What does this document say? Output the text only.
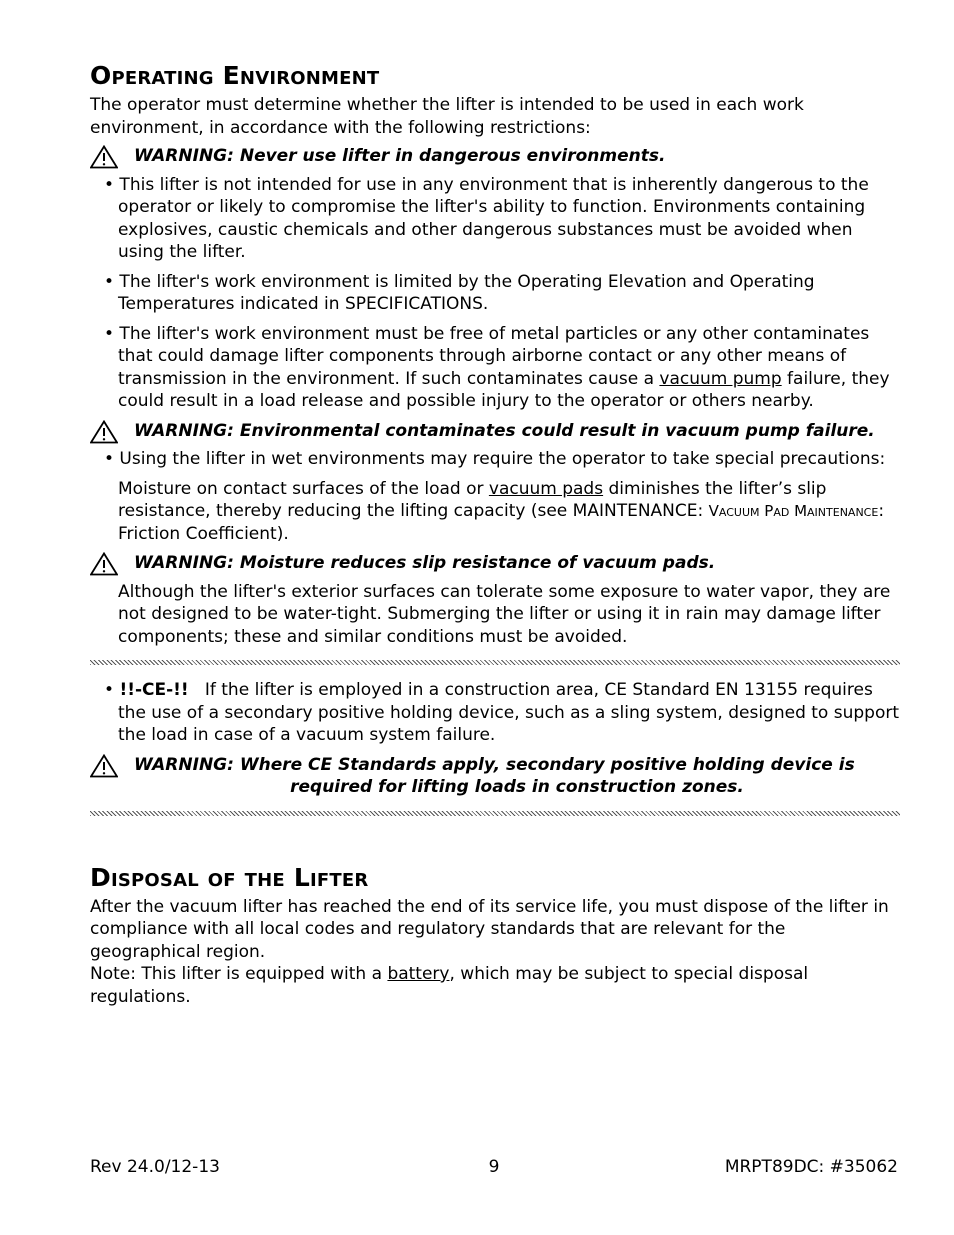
Operating Environment

The operator must determine whether the lifter is intended to be used in each work environment, in accordance with the following restrictions:

WARNING: Never use lifter in dangerous environments.

• This lifter is not intended for use in any environment that is inherently dangerous to the operator or likely to compromise the lifter's ability to function. Environments containing explosives, caustic chemicals and other dangerous substances must be avoided when using the lifter.

• The lifter's work environment is limited by the Operating Elevation and Operating Temperatures indicated in SPECIFICATIONS.

• The lifter's work environment must be free of metal particles or any other contaminates that could damage lifter components through airborne contact or any other means of transmission in the environment. If such contaminates cause a vacuum pump failure, they could result in a load release and possible injury to the operator or others nearby.

WARNING: Environmental contaminates could result in vacuum pump failure.

• Using the lifter in wet environments may require the operator to take special precautions:

Moisture on contact surfaces of the load or vacuum pads diminishes the lifter’s slip resistance, thereby reducing the lifting capacity (see MAINTENANCE: Vacuum Pad Maintenance: Friction Coefficient).

WARNING: Moisture reduces slip resistance of vacuum pads.

Although the lifter's exterior surfaces can tolerate some exposure to water vapor, they are not designed to be water-tight. Submerging the lifter or using it in rain may damage lifter components; these and similar conditions must be avoided.

• !!-CE-!!   If the lifter is employed in a construction area, CE Standard EN 13155 requires the use of a secondary positive holding device, such as a sling system, designed to support the load in case of a vacuum system failure.

WARNING: Where CE Standards apply, secondary positive holding device is
required for lifting loads in construction zones.
Disposal of the Lifter

After the vacuum lifter has reached the end of its service life, you must dispose of the lifter in compliance with all local codes and regulatory standards that are relevant for the geographical region.

Note: This lifter is equipped with a battery, which may be subject to special disposal regulations.

Rev 24.0/12-13	9	MRPT89DC: #35062
